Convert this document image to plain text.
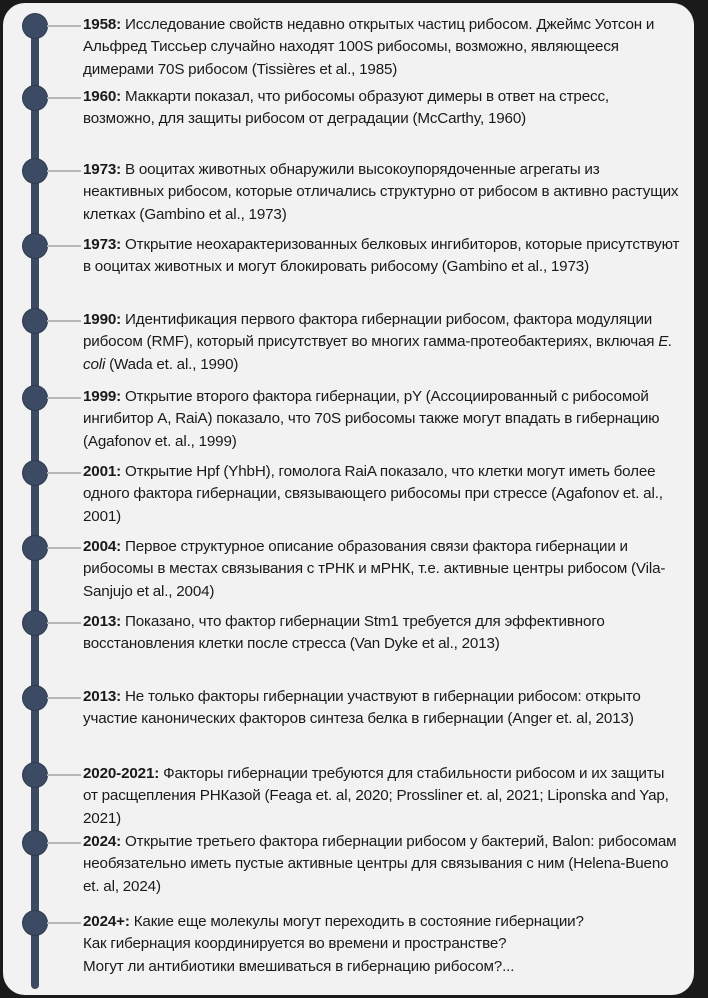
1958: Исследование свойств недавно открытых частиц рибосом. Джеймс Уотсон и Альфред Тиссьер случайно находят 100S рибосомы, возможно, являющееся димерами 70S рибосом (Tissières et al., 1985)
1960: Маккарти показал, что рибосомы образуют димеры в ответ на стресс, возможно, для защиты рибосом от деградации (McCarthy, 1960)
1973: В ооцитах животных обнаружили высокоупорядоченные агрегаты из неактивных рибосом, которые отличались структурно от рибосом в активно растущих клетках (Gambino et al., 1973)
1973: Открытие неохарактеризованных белковых ингибиторов, которые присутствуют в ооцитах животных и могут блокировать рибосому (Gambino et al., 1973)
1990: Идентификация первого фактора гибернации рибосом, фактора модуляции рибосом (RMF), который присутствует во многих гамма-протеобактериях, включая E. coli (Wada et. al., 1990)
1999: Открытие второго фактора гибернации, pY (Ассоциированный с рибосомой ингибитор A, RaiA) показало, что 70S рибосомы также могут впадать в гибернацию (Agafonov et. al., 1999)
2001: Открытие Hpf (YhbH), гомолога RaiA показало, что клетки могут иметь более одного фактора гибернации, связывающего рибосомы при стрессе (Agafonov et. al., 2001)
2004: Первое структурное описание образования связи фактора гибернации и рибосомы в местах связывания с тРНК и мРНК, т.е. активные центры рибосом (Vila-Sanjujo et al., 2004)
2013: Показано, что фактор гибернации Stm1 требуется для эффективного восстановления клетки после стресса (Van Dyke et al., 2013)
2013: Не только факторы гибернации участвуют в гибернации рибосом: открыто участие канонических факторов синтеза белка в гибернации (Anger et. al, 2013)
2020-2021: Факторы гибернации требуются для стабильности рибосом и их защиты от расщепления РНКазой (Feaga et. al, 2020; Prossliner et. al, 2021; Liponska and Yap, 2021)
2024: Открытие третьего фактора гибернации рибосом у бактерий, Balon: рибосомам необязательно иметь пустые активные центры для связывания с ним (Helena-Bueno et. al, 2024)
2024+: Какие еще молекулы могут переходить в состояние гибернации?
Как гибернация координируется во времени и пространстве?
Могут ли антибиотики вмешиваться в гибернацию рибосом?...
